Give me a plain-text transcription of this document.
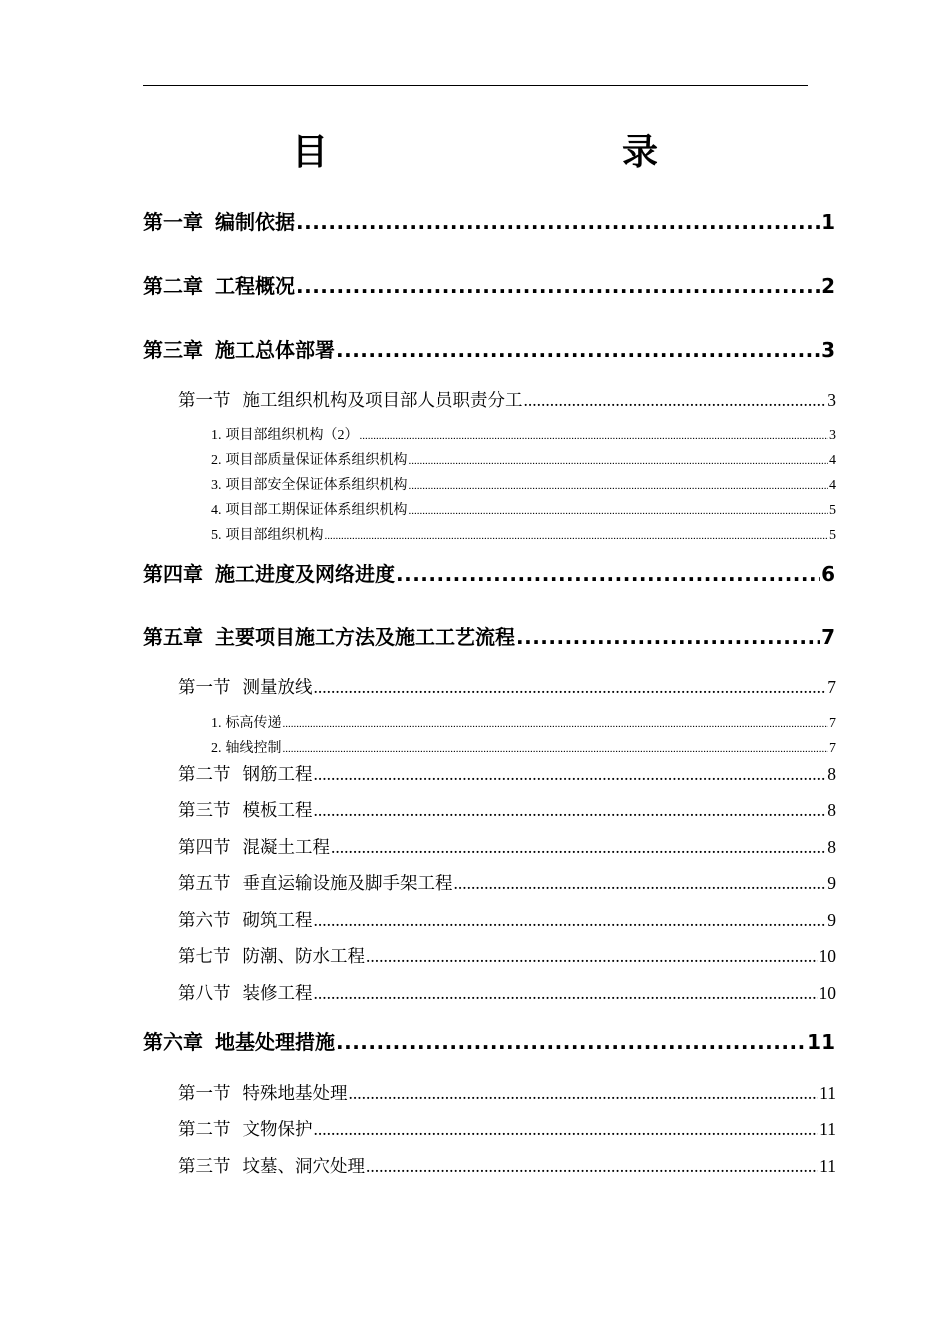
目　　录
第一章 编制依据 .....	1
第二章 工程概况 .....	2
第三章 施工总体部署 .....	3
第一节 施工组织机构及项目部人员职责分工 .....	3
1. 项目部组织机构（2） .....	3
2. 项目部质量保证体系组织机构 .....	4
3. 项目部安全保证体系组织机构 .....	4
4. 项目部工期保证体系组织机构 .....	5
5. 项目部组织机构 .....	5
第四章 施工进度及网络进度 .....	6
第五章 主要项目施工方法及施工工艺流程 .....	7
第一节 测量放线 .....	7
1. 标高传递 .....	7
2. 轴线控制 .....	7
第二节 钢筋工程 .....	8
第三节 模板工程 .....	8
第四节 混凝土工程 .....	8
第五节 垂直运输设施及脚手架工程 .....	9
第六节 砌筑工程 .....	9
第七节 防潮、防水工程 .....	10
第八节 装修工程 .....	10
第六章 地基处理措施 .....	11
第一节 特殊地基处理 .....	11
第二节 文物保护 .....	11
第三节 坟墓、洞穴处理 .....	11
